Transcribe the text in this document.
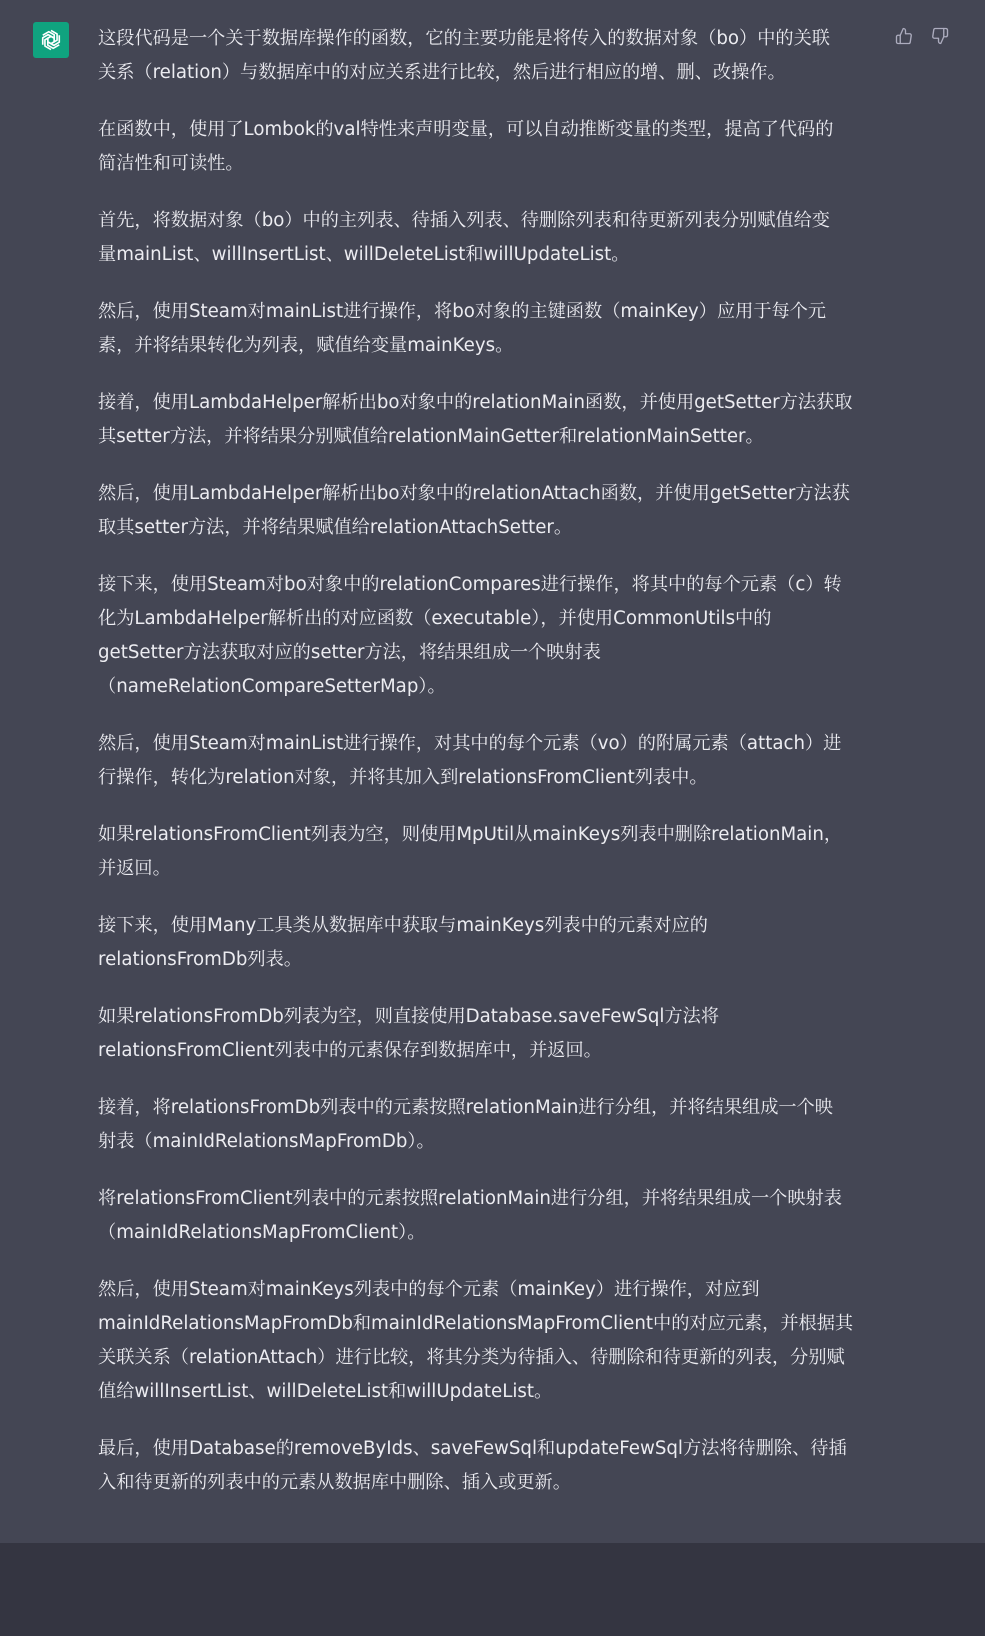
这段代码是一个关于数据库操作的函数，它的主要功能是将传入的数据对象（bo）中的关联
关系（relation）与数据库中的对应关系进行比较，然后进行相应的增、删、改操作。

在函数中，使用了Lombok的val特性来声明变量，可以自动推断变量的类型，提高了代码的
简洁性和可读性。

首先，将数据对象（bo）中的主列表、待插入列表、待删除列表和待更新列表分别赋值给变
量mainList、willInsertList、willDeleteList和willUpdateList。

然后，使用Steam对mainList进行操作，将bo对象的主键函数（mainKey）应用于每个元
素，并将结果转化为列表，赋值给变量mainKeys。

接着，使用LambdaHelper解析出bo对象中的relationMain函数，并使用getSetter方法获取
其setter方法，并将结果分别赋值给relationMainGetter和relationMainSetter。

然后，使用LambdaHelper解析出bo对象中的relationAttach函数，并使用getSetter方法获
取其setter方法，并将结果赋值给relationAttachSetter。

接下来，使用Steam对bo对象中的relationCompares进行操作，将其中的每个元素（c）转
化为LambdaHelper解析出的对应函数（executable），并使用CommonUtils中的
getSetter方法获取对应的setter方法，将结果组成一个映射表
（nameRelationCompareSetterMap）。

然后，使用Steam对mainList进行操作，对其中的每个元素（vo）的附属元素（attach）进
行操作，转化为relation对象，并将其加入到relationsFromClient列表中。

如果relationsFromClient列表为空，则使用MpUtil从mainKeys列表中删除relationMain，
并返回。

接下来，使用Many工具类从数据库中获取与mainKeys列表中的元素对应的
relationsFromDb列表。

如果relationsFromDb列表为空，则直接使用Database.saveFewSql方法将
relationsFromClient列表中的元素保存到数据库中，并返回。

接着，将relationsFromDb列表中的元素按照relationMain进行分组，并将结果组成一个映
射表（mainIdRelationsMapFromDb）。

将relationsFromClient列表中的元素按照relationMain进行分组，并将结果组成一个映射表
（mainIdRelationsMapFromClient）。

然后，使用Steam对mainKeys列表中的每个元素（mainKey）进行操作，对应到
mainIdRelationsMapFromDb和mainIdRelationsMapFromClient中的对应元素，并根据其
关联关系（relationAttach）进行比较，将其分类为待插入、待删除和待更新的列表，分别赋
值给willInsertList、willDeleteList和willUpdateList。

最后，使用Database的removeByIds、saveFewSql和updateFewSql方法将待删除、待插
入和待更新的列表中的元素从数据库中删除、插入或更新。
